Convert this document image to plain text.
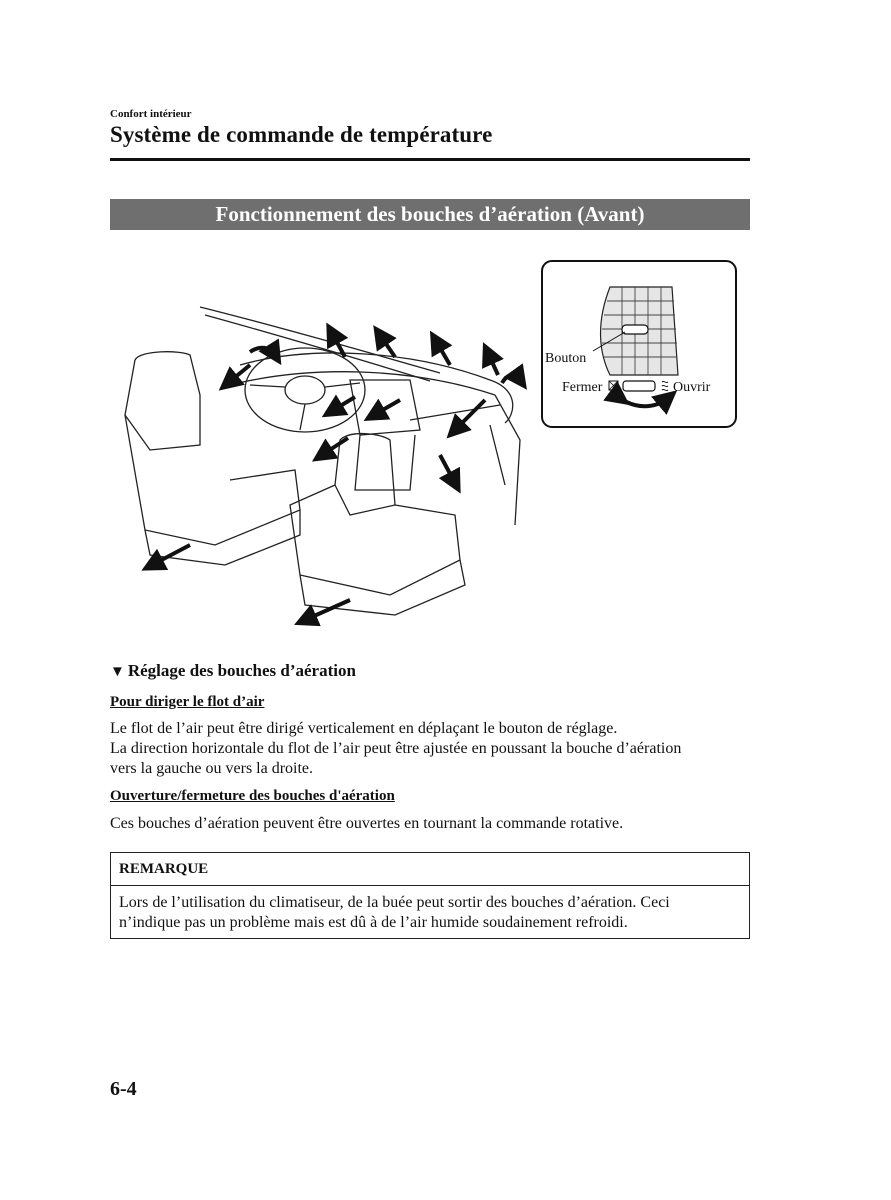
Confort intérieur
Système de commande de température
Fonctionnement des bouches d’aération (Avant)
Bouton
Fermer	Ouvrir
▼ Réglage des bouches d’aération
Pour diriger le flot d’air
Le flot de l’air peut être dirigé verticalement en déplaçant le bouton de réglage.
La direction horizontale du flot de l’air peut être ajustée en poussant la bouche d’aération
vers la gauche ou vers la droite.
Ouverture/fermeture des bouches d'aération
Ces bouches d’aération peuvent être ouvertes en tournant la commande rotative.
REMARQUE
Lors de l’utilisation du climatiseur, de la buée peut sortir des bouches d’aération. Ceci
n’indique pas un problème mais est dû à de l’air humide soudainement refroidi.
6-4
